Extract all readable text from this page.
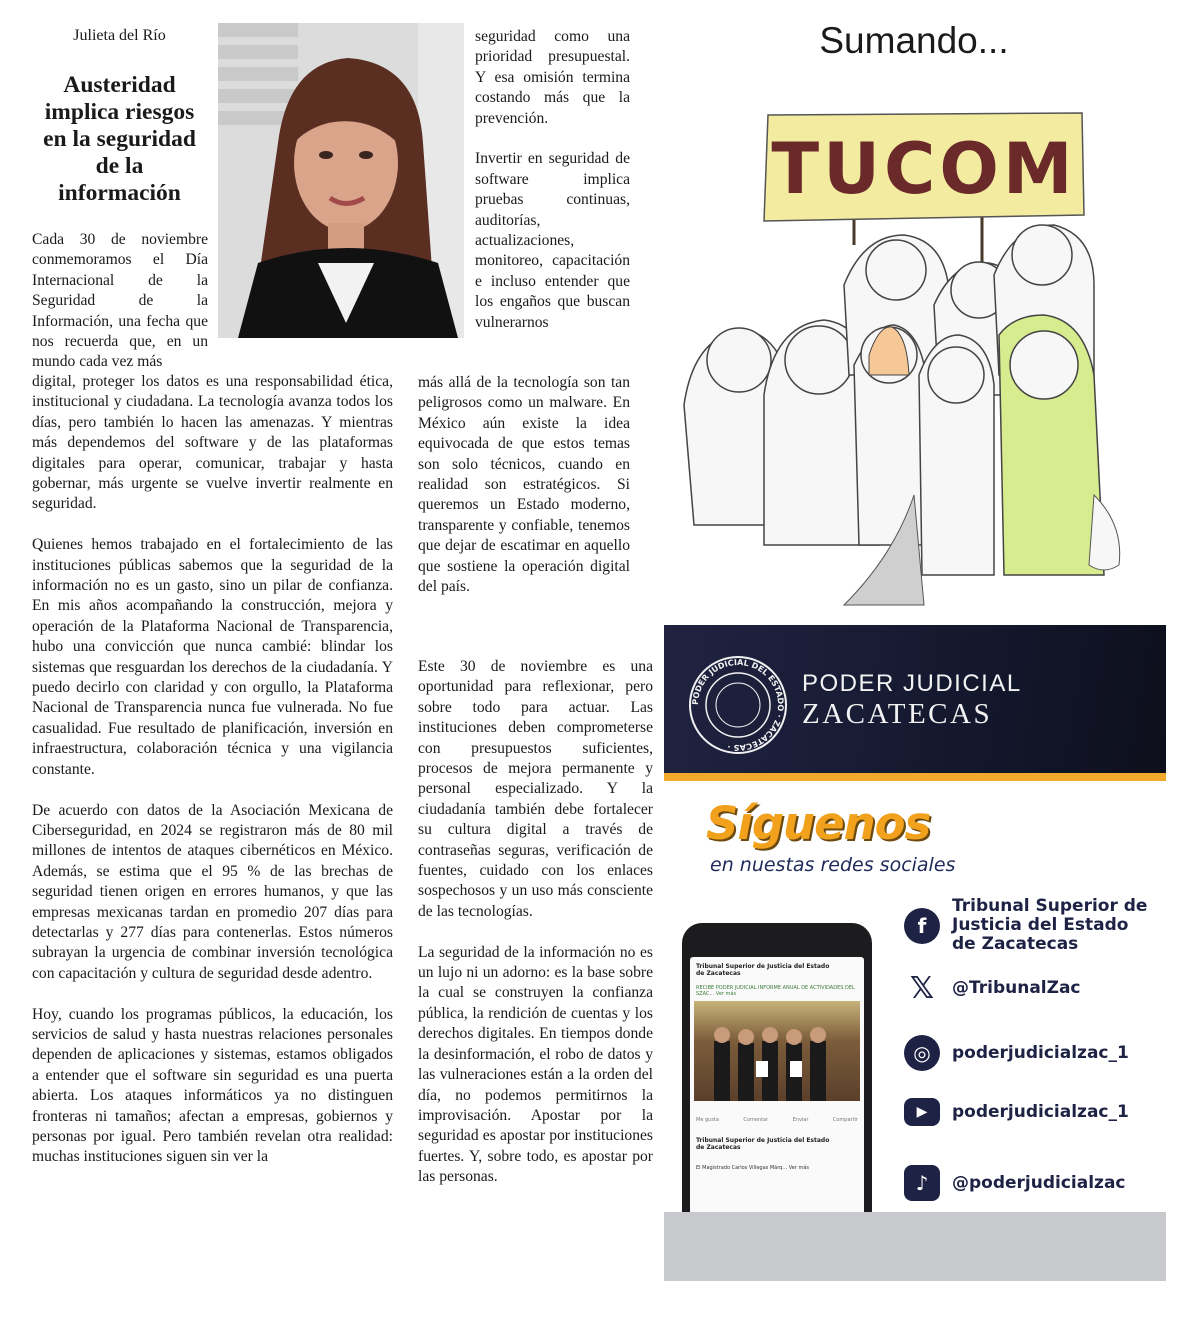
Julieta del Río
Austeridad implica riesgos en la seguridad de la información
Cada 30 de noviembre conmemoramos el Día Internacional de la Seguridad de la Información, una fecha que nos recuerda que, en un mundo cada vez más

digital, proteger los datos es una responsabilidad ética, institucional y ciudadana. La tecnología avanza todos los días, pero también lo hacen las amenazas. Y mientras más dependemos del software y de las plataformas digitales para operar, comunicar, trabajar y hasta gobernar, más urgente se vuelve invertir realmente en seguridad.

Quienes hemos trabajado en el fortalecimiento de las instituciones públicas sabemos que la seguridad de la información no es un gasto, sino un pilar de confianza. En mis años acompañando la construcción, mejora y operación de la Plataforma Nacional de Transparencia, hubo una convicción que nunca cambié: blindar los sistemas que resguardan los derechos de la ciudadanía. Y puedo decirlo con claridad y con orgullo, la Plataforma Nacional de Transparencia nunca fue vulnerada. No fue casualidad. Fue resultado de planificación, inversión en infraestructura, colaboración técnica y una vigilancia constante.

De acuerdo con datos de la Asociación Mexicana de Ciberseguridad, en 2024 se registraron más de 80 mil millones de intentos de ataques cibernéticos en México. Además, se estima que el 95 % de las brechas de seguridad tienen origen en errores humanos, y que las empresas mexicanas tardan en promedio 207 días para detectarlas y 277 días para contenerlas. Estos números subrayan la urgencia de combinar inversión tecnológica con capacitación y cultura de seguridad desde adentro.

Hoy, cuando los programas públicos, la educación, los servicios de salud y hasta nuestras relaciones personales dependen de aplicaciones y sistemas, estamos obligados a entender que el software sin seguridad es una puerta abierta. Los ataques informáticos ya no distinguen fronteras ni tamaños; afectan a empresas, gobiernos y personas por igual. Pero también revelan otra realidad: muchas instituciones siguen sin ver la

seguridad como una prioridad presupuestal. Y esa omisión termina costando más que la prevención.

Invertir en seguridad de software implica pruebas continuas, auditorías, actualizaciones, monitoreo, capacitación e incluso entender que los engaños que buscan vulnerarnos

más allá de la tecnología son tan peligrosos como un malware. En México aún existe la idea equivocada de que estos temas son solo técnicos, cuando en realidad son estratégicos. Si queremos un Estado moderno, transparente y confiable, tenemos que dejar de escatimar en aquello que sostiene la operación digital del país.

Este 30 de noviembre es una oportunidad para reflexionar, pero sobre todo para actuar. Las instituciones deben comprometerse con presupuestos suficientes, procesos de mejora permanente y personal especializado. Y la ciudadanía también debe fortalecer su cultura digital a través de contraseñas seguras, verificación de fuentes, cuidado con los enlaces sospechosos y un uso más consciente de las tecnologías.

La seguridad de la información no es un lujo ni un adorno: es la base sobre la cual se construyen la confianza pública, la rendición de cuentas y los derechos digitales. En tiempos donde la desinformación, el robo de datos y las vulneraciones están a la orden del día, no podemos permitirnos la improvisación. Apostar por la seguridad es apostar por instituciones fuertes. Y, sobre todo, es apostar por las personas.

Sumando...
TUCOM
PODER JUDICIAL DEL ESTADO · ZACATECAS ·
PODER JUDICIAL
ZACATECAS
Síguenos
en nuestas redes sociales
Tribunal Superior de Justicia del Estado de Zacatecas
RECIBE PODER JUDICIAL INFORME ANUAL DE ACTIVIDADES DEL SZAC... Ver más
Me gusta	Comentar	Enviar	Compartir
Tribunal Superior de Justicia del Estado de Zacatecas
El Magistrado Carlos Villegas Márq... Ver más
f
Tribunal Superior de Justicia del Estado de Zacatecas
𝕏	@TribunalZac
◎	poderjudicialzac_1
▶	poderjudicialzac_1
♪	@poderjudicialzac
